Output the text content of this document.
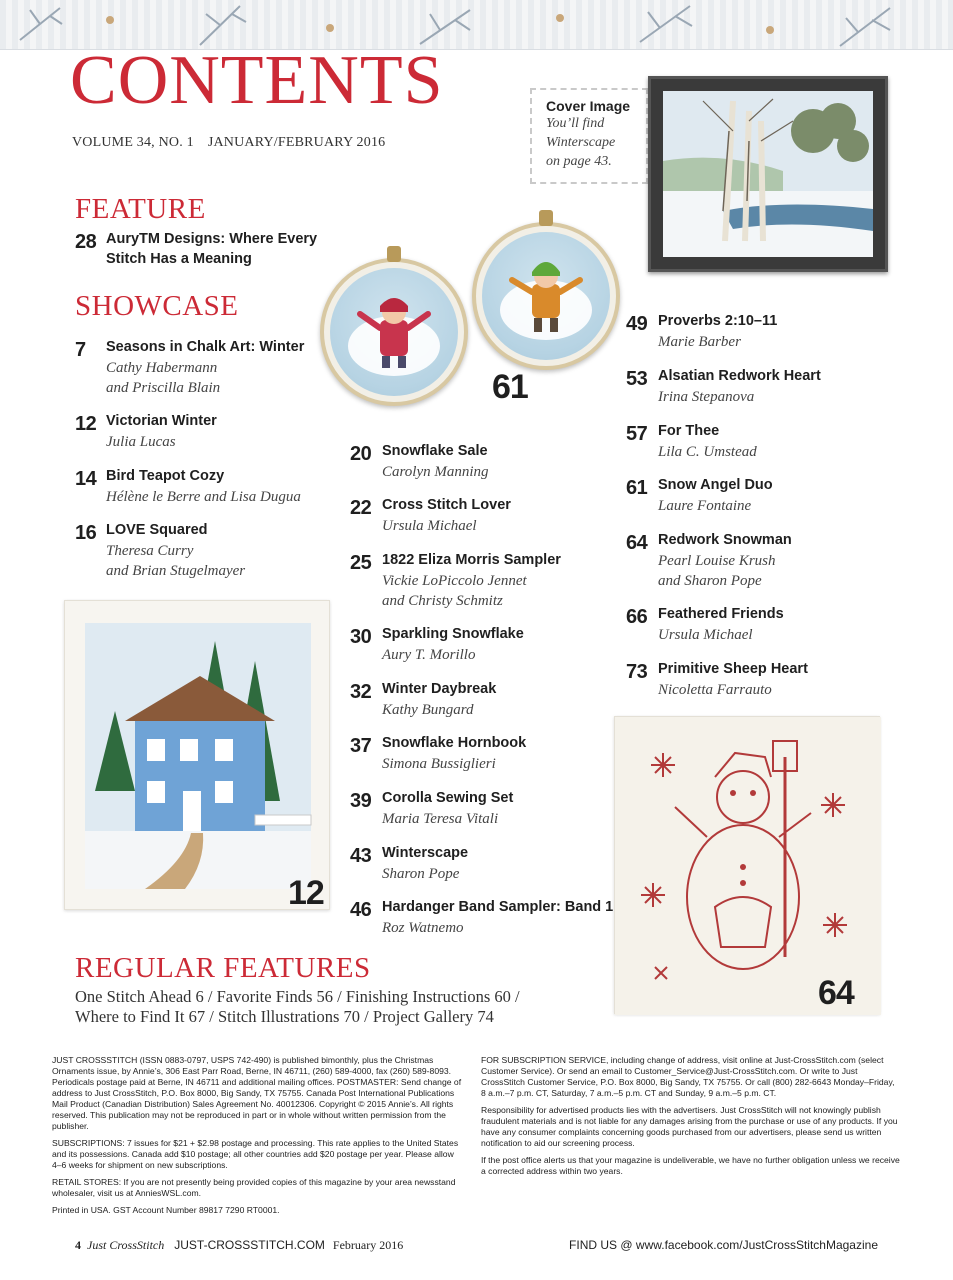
CONTENTS
VOLUME 34, NO. 1 JANUARY/FEBRUARY 2016
Cover Image
You’ll find
Winterscape
on page 43.
FEATURE
28 AuryTM Designs: Where Every
Stitch Has a Meaning
SHOWCASE
7 Seasons in Chalk Art: Winter
Cathy Habermann
and Priscilla Blain
12 Victorian Winter
Julia Lucas
14 Bird Teapot Cozy
Hélène le Berre and Lisa Dugua
16 LOVE Squared
Theresa Curry
and Brian Stugelmayer
61
20 Snowflake Sale
Carolyn Manning
22 Cross Stitch Lover
Ursula Michael
25 1822 Eliza Morris Sampler
Vickie LoPiccolo Jennet
and Christy Schmitz
30 Sparkling Snowflake
Aury T. Morillo
32 Winter Daybreak
Kathy Bungard
37 Snowflake Hornbook
Simona Bussiglieri
39 Corolla Sewing Set
Maria Teresa Vitali
43 Winterscape
Sharon Pope
46 Hardanger Band Sampler: Band 1
Roz Watnemo
49 Proverbs 2:10–11
Marie Barber
53 Alsatian Redwork Heart
Irina Stepanova
57 For Thee
Lila C. Umstead
61 Snow Angel Duo
Laure Fontaine
64 Redwork Snowman
Pearl Louise Krush
and Sharon Pope
66 Feathered Friends
Ursula Michael
73 Primitive Sheep Heart
Nicoletta Farrauto
12
64
REGULAR FEATURES
One Stitch Ahead 6 / Favorite Finds 56 / Finishing Instructions 60 /
Where to Find It 67 / Stitch Illustrations 70 / Project Gallery 74

JUST CROSSSTITCH (ISSN 0883-0797, USPS 742-490) is published bimonthly, plus the Christmas Ornaments issue, by Annie’s, 306 East Parr Road, Berne, IN 46711, (260) 589-4000, fax (260) 589-8093. Periodicals postage paid at Berne, IN 46711 and additional mailing offices. POSTMASTER: Send change of address to Just CrossStitch, P.O. Box 8000, Big Sandy, TX 75755. Canada Post International Publications Mail Product (Canadian Distribution) Sales Agreement No. 40012306. Copyright © 2015 Annie’s. All rights reserved. This publication may not be reproduced in part or in whole without written permission from the publisher.

SUBSCRIPTIONS: 7 issues for $21 + $2.98 postage and processing. This rate applies to the United States and its possessions. Canada add $10 postage; all other countries add $20 postage per year. Please allow 4–6 weeks for shipment on new subscriptions.

RETAIL STORES: If you are not presently being provided copies of this magazine by your area newsstand wholesaler, visit us at AnniesWSL.com.

Printed in USA. GST Account Number 89817 7290 RT0001.

FOR SUBSCRIPTION SERVICE, including change of address, visit online at Just-CrossStitch.com (select Customer Service). Or send an email to Customer_Service@Just-CrossStitch.com. Or write to Just CrossStitch Customer Service, P.O. Box 8000, Big Sandy, TX 75755. Or call (800) 282-6643 Monday–Friday, 8 a.m.–7 p.m. CT, Saturday, 7 a.m.–5 p.m. CT and Sunday, 9 a.m.–5 p.m. CT.

Responsibility for advertised products lies with the advertisers. Just CrossStitch will not knowingly publish fraudulent materials and is not liable for any damages arising from the purchase or use of any products. If you have any consumer complaints concerning goods purchased from our advertisers, please send us written notification to aid our screening process.

If the post office alerts us that your magazine is undeliverable, we have no further obligation unless we receive a corrected address within two years.

4 Just CrossStitch JUST-CROSSSTITCH.COM February 2016	FIND US @ www.facebook.com/JustCrossStitchMagazine
